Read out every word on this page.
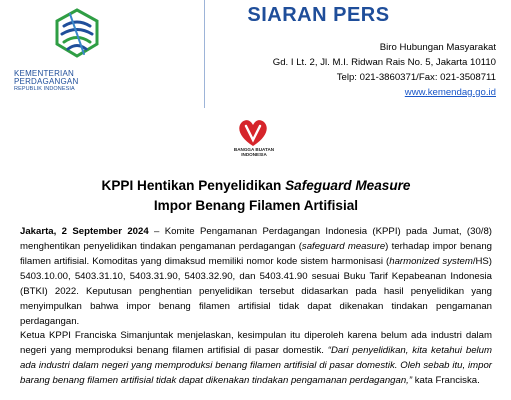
KEMENTERIAN
PERDAGANGAN
REPUBLIK INDONESIA
SIARAN PERS
Biro Hubungan Masyarakat
Gd. I Lt. 2, Jl. M.I. Ridwan Rais No. 5, Jakarta 10110
Telp: 021-3860371/Fax: 021-3508711
www.kemendag.go.id
BANGGA BUATAN
INDONESIA
KPPI Hentikan Penyelidikan Safeguard Measure
Impor Benang Filamen Artifisial
Jakarta, 2 September 2024 – Komite Pengamanan Perdagangan Indonesia (KPPI) pada Jumat, (30/8) menghentikan penyelidikan tindakan pengamanan perdagangan (safeguard measure) terhadap impor benang filamen artifisial. Komoditas yang dimaksud memiliki nomor kode sistem harmonisasi (harmonized system/HS) 5403.10.00, 5403.31.10, 5403.31.90, 5403.32.90, dan 5403.41.90 sesuai Buku Tarif Kepabeanan Indonesia (BTKI) 2022. Keputusan penghentian penyelidikan tersebut didasarkan pada hasil penyelidikan yang menyimpulkan bahwa impor benang filamen artifisial tidak dapat dikenakan tindakan pengamanan perdagangan.
Ketua KPPI Franciska Simanjuntak menjelaskan, kesimpulan itu diperoleh karena belum ada industri dalam negeri yang memproduksi benang filamen artifisial di pasar domestik. “Dari penyelidikan, kita ketahui belum ada industri dalam negeri yang memproduksi benang filamen artifisial di pasar domestik. Oleh sebab itu, impor barang benang filamen artifisial tidak dapat dikenakan tindakan pengamanan perdagangan,” kata Franciska.
